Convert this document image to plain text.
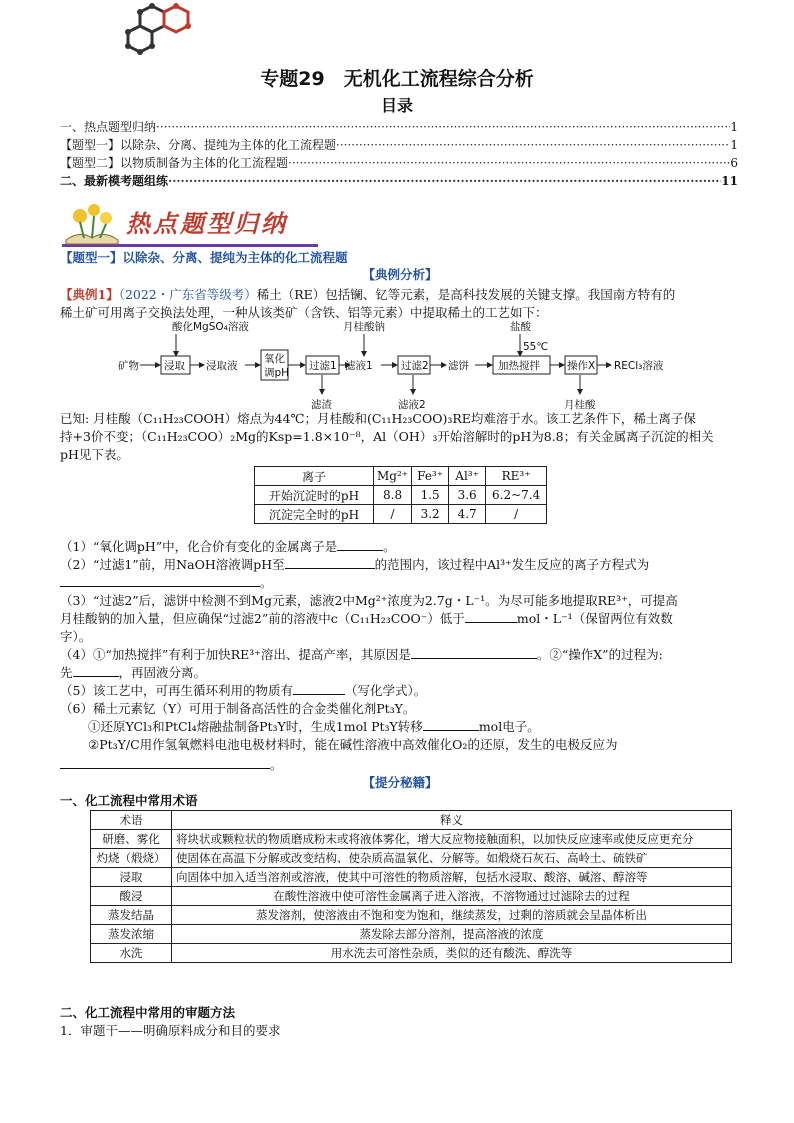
专题29　无机化工流程综合分析
目录
一、热点题型归纳 ·····	1
【题型一】以除杂、分离、提纯为主体的化工流程题 ·····	1
【题型二】以物质制备为主体的化工流程题 ·····	6
二、最新模考题组练 ·····	11
热点题型归纳
【题型一】以除杂、分离、提纯为主体的化工流程题
【典例分析】
【典例1】（2022・广东省等级考）稀土（RE）包括镧、钇等元素，是高科技发展的关键支撑。我国南方特有的
稀土矿可用离子交换法处理，一种从该类矿（含铁、铝等元素）中提取稀土的工艺如下：
酸化MgSO₄溶液	月桂酸钠	盐酸
55℃
矿物 浸取 浸取液
氧化
调pH
过滤1 滤液1	过滤2 滤饼	加热搅拌	操作X RECl₃溶液
滤渣	滤液2	月桂酸
已知: 月桂酸（C₁₁H₂₃COOH）熔点为44℃；月桂酸和(C₁₁H₂₃COO)₃RE均难溶于水。该工艺条件下，稀土离子保
持+3价不变；（C₁₁H₂₃COO）₂Mg的Ksp=1.8×10⁻⁸，Al（OH）₃开始溶解时的pH为8.8；有关金属离子沉淀的相关
pH见下表。
离子	Mg²⁺	Fe³⁺	Al³⁺	RE³⁺
开始沉淀时的pH	8.8	1.5	3.6	6.2~7.4
沉淀完全时的pH	/	3.2	4.7	/
（1）“氧化调pH”中，化合价有变化的金属离子是	。
（2）“过滤1”前，用NaOH溶液调pH至	的范围内，该过程中Al³⁺发生反应的离子方程式为
。
（3）“过滤2”后，滤饼中检测不到Mg元素，滤液2中Mg²⁺浓度为2.7g・L⁻¹。为尽可能多地提取RE³⁺，可提高
月桂酸钠的加入量，但应确保“过滤2”前的溶液中c（C₁₁H₂₃COO⁻）低于	mol・L⁻¹（保留两位有效数
字）。
（4）①“加热搅拌”有利于加快RE³⁺溶出、提高产率，其原因是	。②“操作X”的过程为:
先	，再固液分离。
（5）该工艺中，可再生循环利用的物质有	（写化学式）。
（6）稀土元素钇（Y）可用于制备高活性的合金类催化剂Pt₃Y。
①还原YCl₃和PtCl₄熔融盐制备Pt₃Y时，生成1mol Pt₃Y转移	mol电子。
②Pt₃Y/C用作氢氧燃料电池电极材料时，能在碱性溶液中高效催化O₂的还原，发生的电极反应为
。
【提分秘籍】
一、化工流程中常用术语
术语	释义
研磨、雾化	将块状或颗粒状的物质磨成粉末或将液体雾化，增大反应物接触面积，以加快反应速率或使反应更充分
灼烧（煅烧）	使固体在高温下分解或改变结构、使杂质高温氧化、分解等。如煅烧石灰石、高岭土、硫铁矿
浸取	向固体中加入适当溶剂或溶液，使其中可溶性的物质溶解，包括水浸取、酸溶、碱溶、醇溶等
酸浸	在酸性溶液中使可溶性金属离子进入溶液，不溶物通过过滤除去的过程
蒸发结晶	蒸发溶剂，使溶液由不饱和变为饱和，继续蒸发，过剩的溶质就会呈晶体析出
蒸发浓缩	蒸发除去部分溶剂，提高溶液的浓度
水洗	用水洗去可溶性杂质，类似的还有酸洗、醇洗等
二、化工流程中常用的审题方法
1．审题干——明确原料成分和目的要求
